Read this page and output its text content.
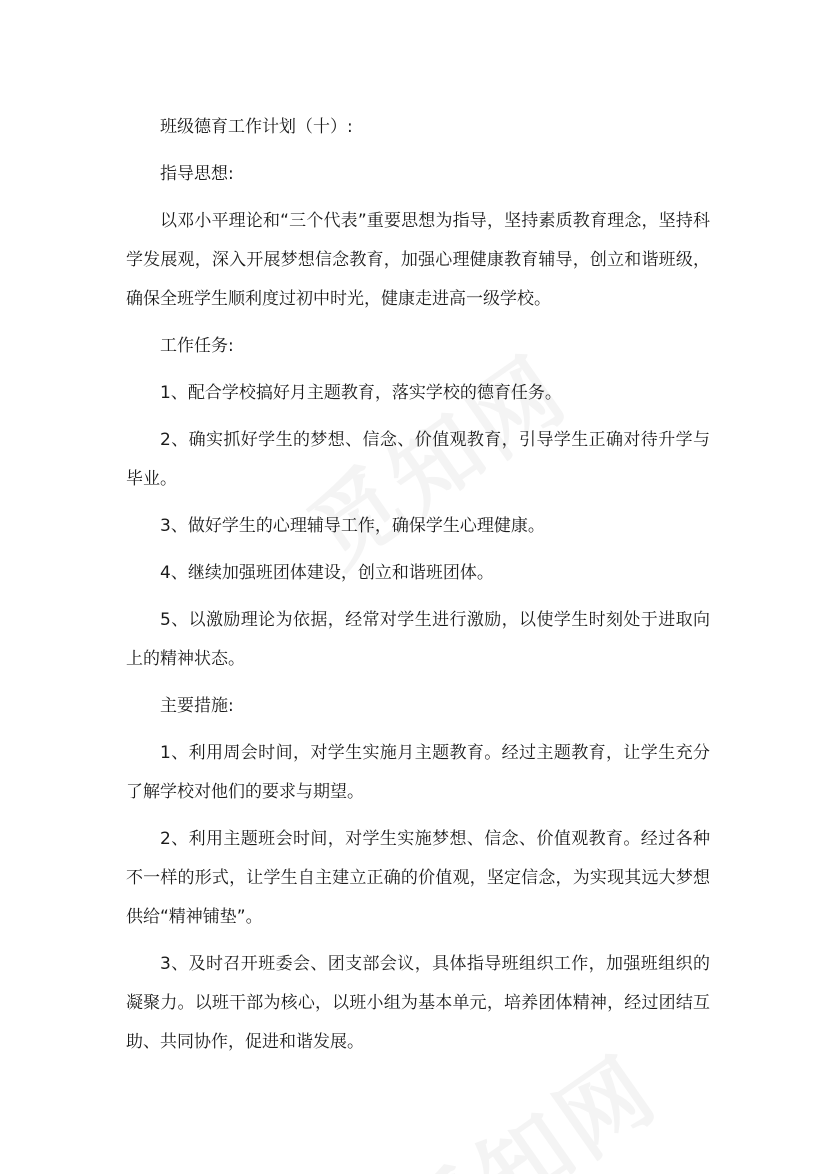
班级德育工作计划（十）:

指导思想:

以邓小平理论和“三个代表”重要思想为指导，坚持素质教育理念，坚持科学发展观，深入开展梦想信念教育，加强心理健康教育辅导，创立和谐班级，确保全班学生顺利度过初中时光，健康走进高一级学校。

工作任务:

1、配合学校搞好月主题教育，落实学校的德育任务。

2、确实抓好学生的梦想、信念、价值观教育，引导学生正确对待升学与毕业。

3、做好学生的心理辅导工作，确保学生心理健康。

4、继续加强班团体建设，创立和谐班团体。

5、以激励理论为依据，经常对学生进行激励，以使学生时刻处于进取向上的精神状态。

主要措施:

1、利用周会时间，对学生实施月主题教育。经过主题教育，让学生充分了解学校对他们的要求与期望。

2、利用主题班会时间，对学生实施梦想、信念、价值观教育。经过各种不一样的形式，让学生自主建立正确的价值观，坚定信念，为实现其远大梦想供给“精神铺垫”。

3、及时召开班委会、团支部会议，具体指导班组织工作，加强班组织的凝聚力。以班干部为核心，以班小组为基本单元，培养团体精神，经过团结互助、共同协作，促进和谐发展。
